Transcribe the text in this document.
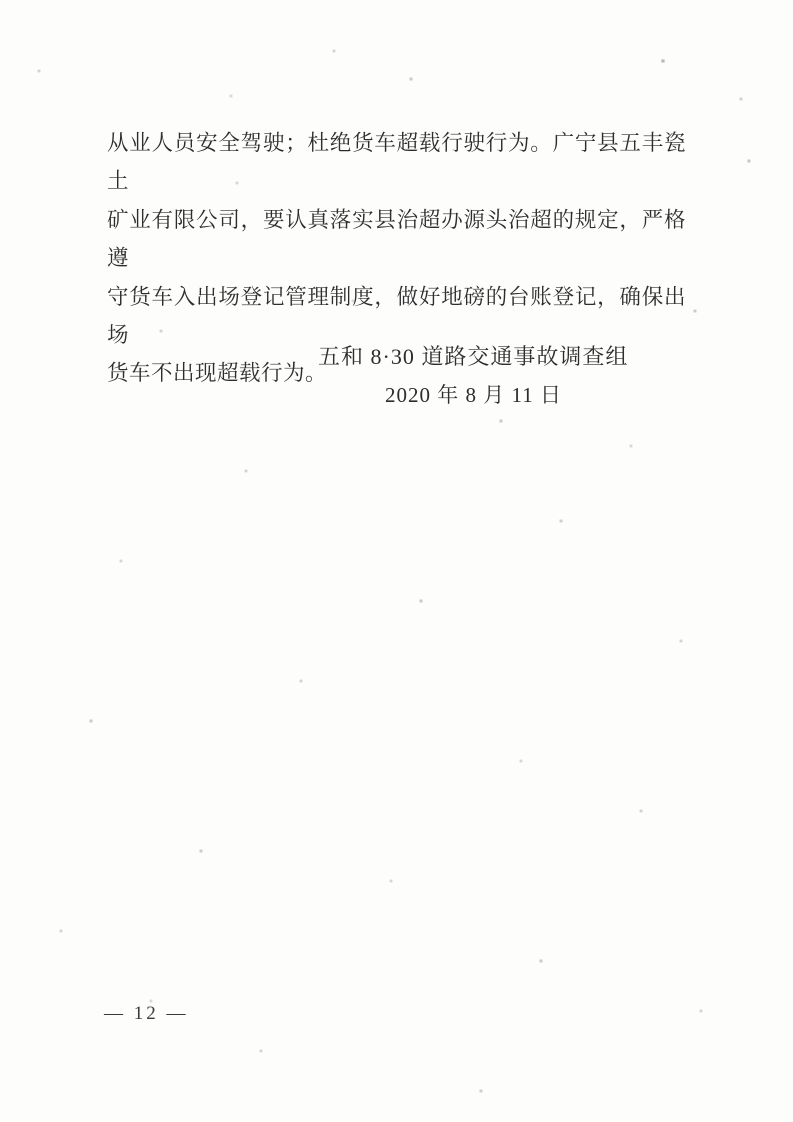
从业人员安全驾驶；杜绝货车超载行驶行为。广宁县五丰瓷土
矿业有限公司，要认真落实县治超办源头治超的规定，严格遵
守货车入出场登记管理制度，做好地磅的台账登记，确保出场
货车不出现超载行为。
五和 8·30 道路交通事故调查组
2020 年 8 月 11 日
— 12 —
